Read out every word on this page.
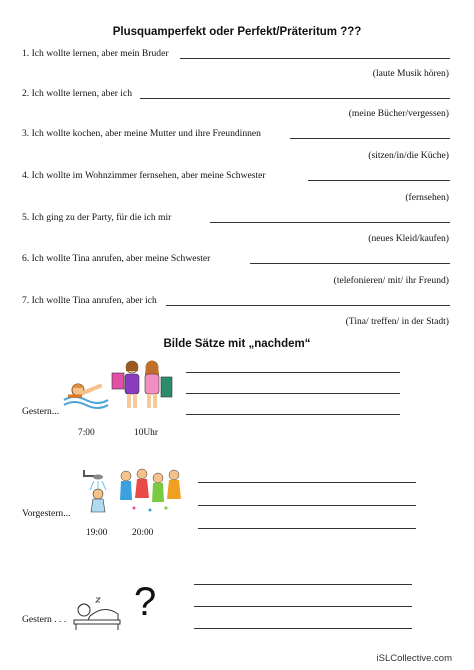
Plusquamperfekt oder Perfekt/Präteritum ???
1. Ich wollte lernen, aber mein Bruder
(laute Musik hören)
2. Ich wollte lernen, aber ich
(meine Bücher/vergessen)
3. Ich wollte kochen, aber meine Mutter und ihre Freundinnen
(sitzen/in/die Küche)
4. Ich wollte im Wohnzimmer fernsehen, aber meine Schwester
(fernsehen)
5. Ich ging zu der Party, für die ich mir
(neues Kleid/kaufen)
6. Ich wollte Tina anrufen, aber meine Schwester
(telefonieren/ mit/ ihr Freund)
7. Ich wollte Tina anrufen, aber ich
(Tina/ treffen/ in der Stadt)
Bilde Sätze mit „nachdem“
Gestern...
7:00	10Uhr
Vorgestern...
19:00	20:00
?
Gestern . . .
iSLCollective.com
